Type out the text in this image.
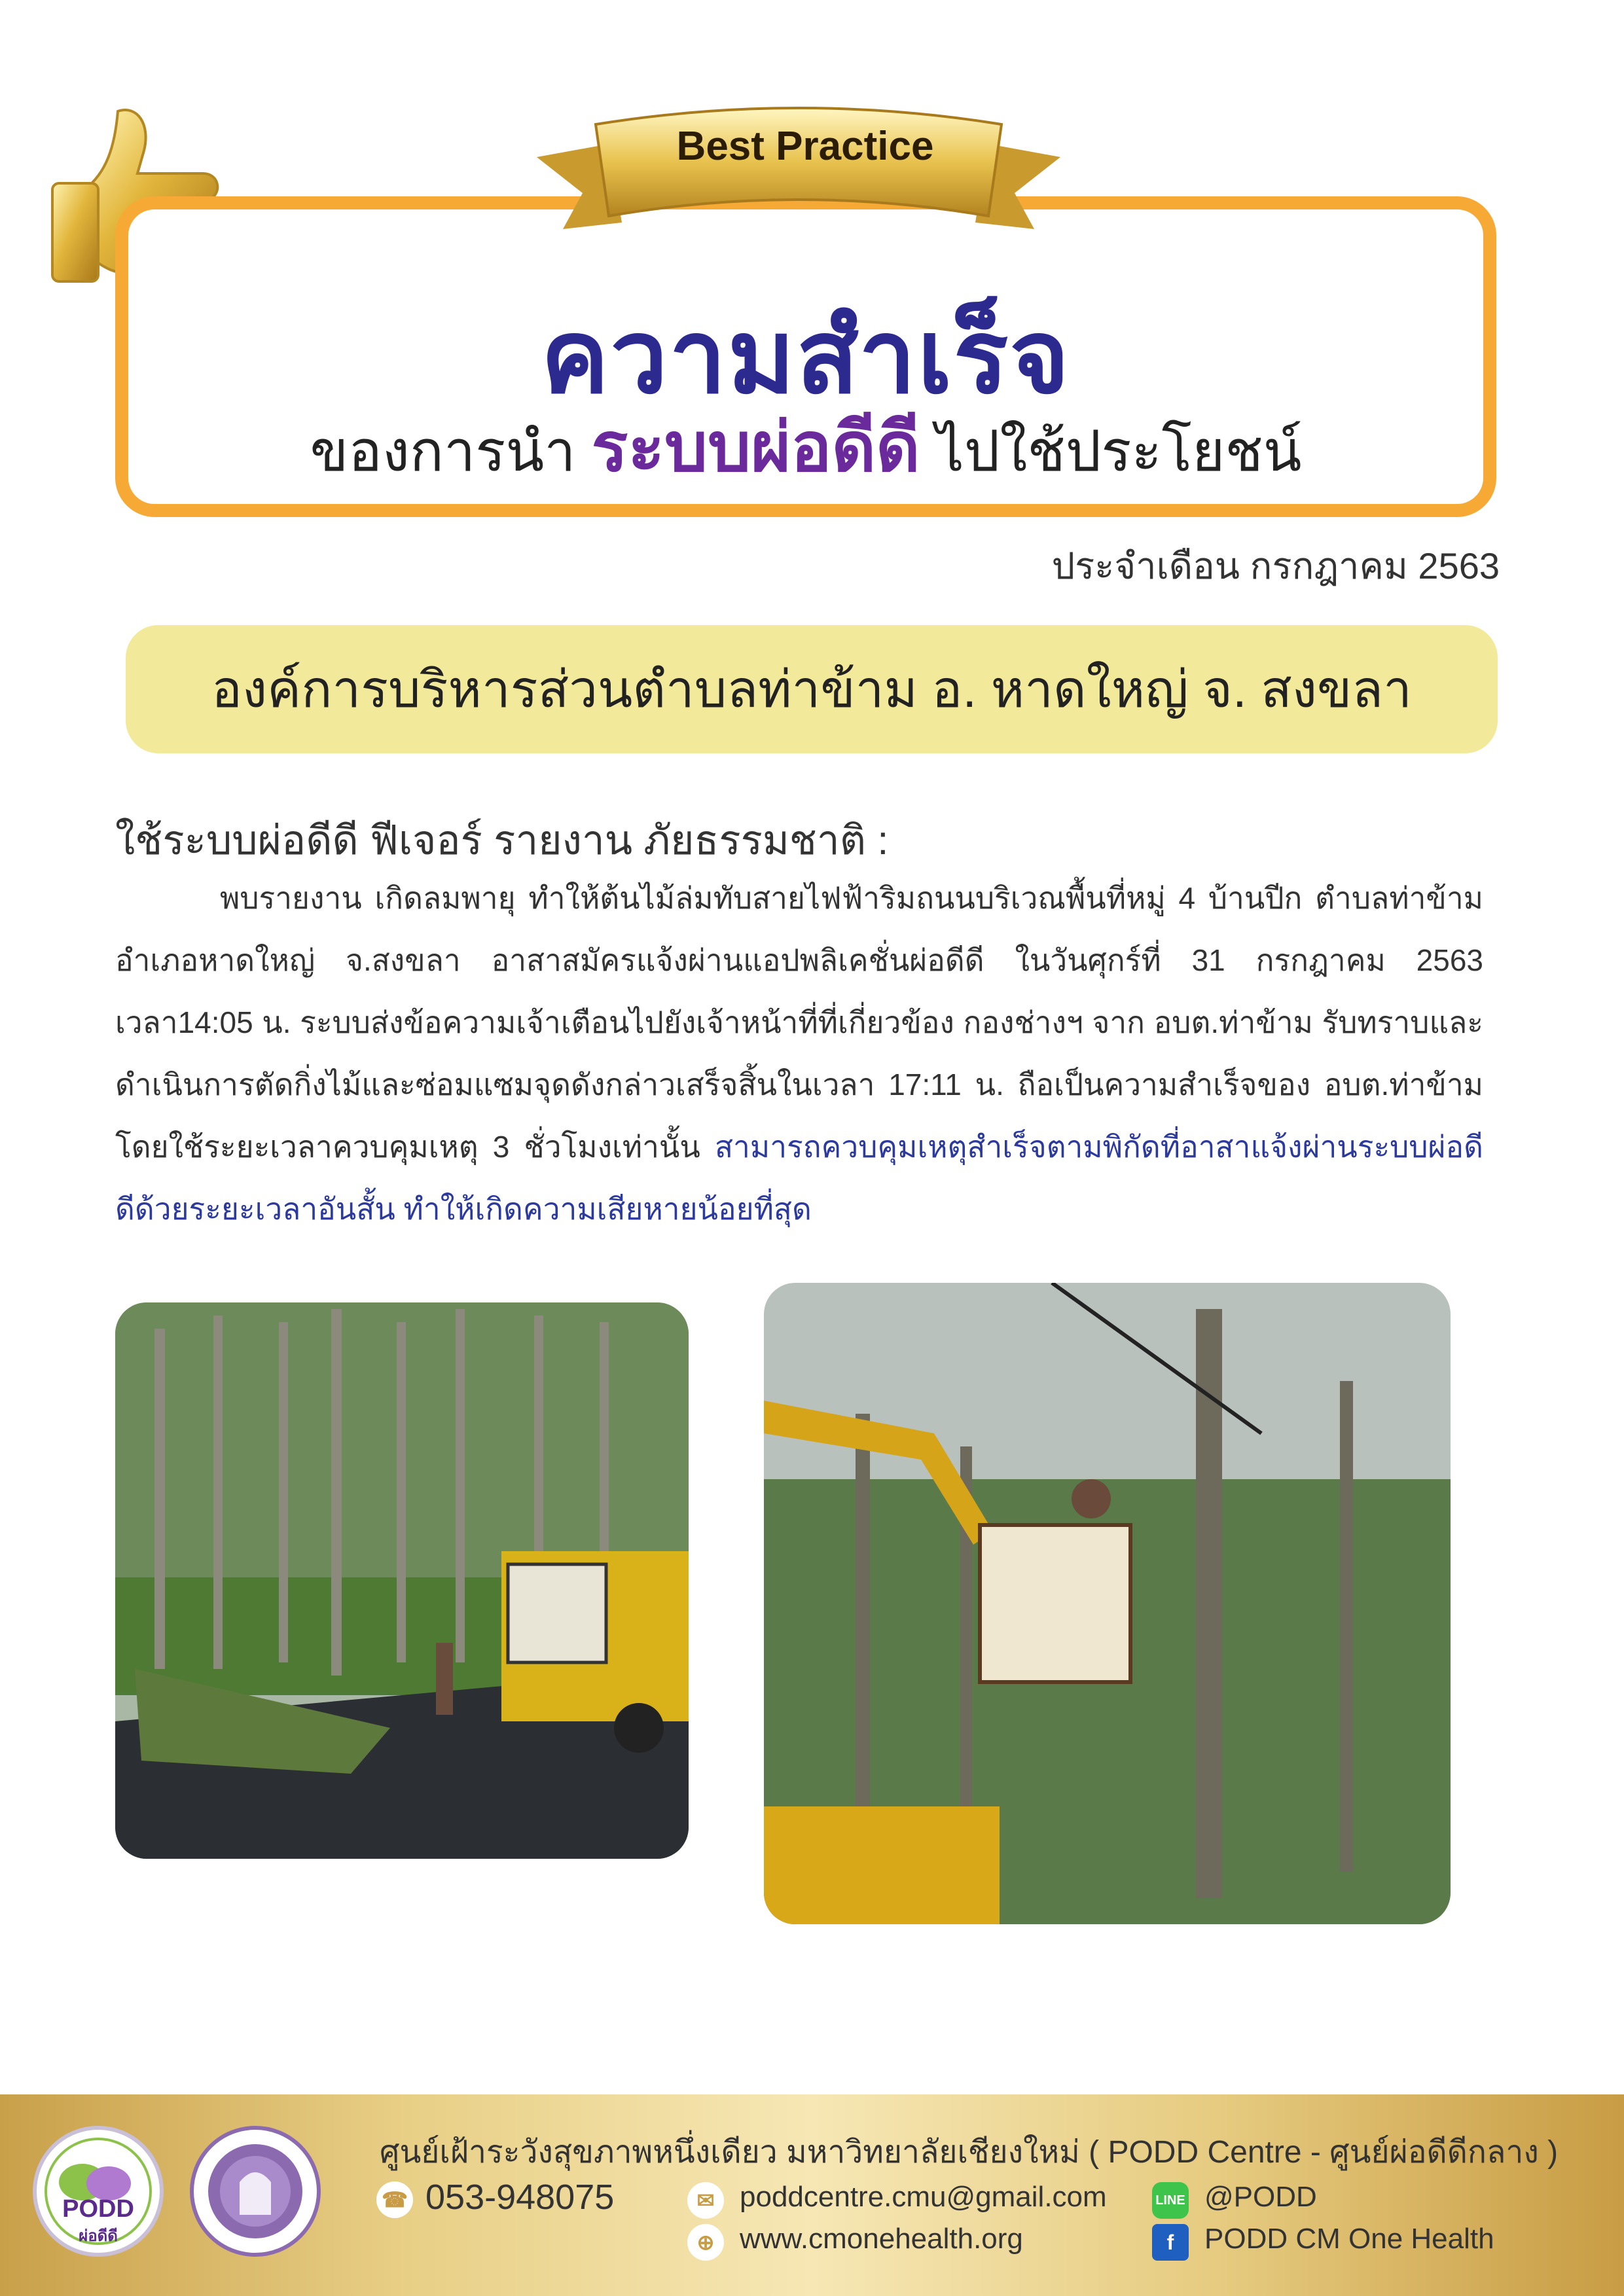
Best Practice
ความสำเร็จ
ของการนำ ระบบผ่อดีดี ไปใช้ประโยชน์
ประจำเดือน กรกฎาคม 2563
องค์การบริหารส่วนตำบลท่าข้าม อ. หาดใหญ่ จ. สงขลา
ใช้ระบบผ่อดีดี ฟีเจอร์ รายงาน ภัยธรรมชาติ :
พบรายงาน เกิดลมพายุ ทำให้ต้นไม้ล่มทับสายไฟฟ้าริมถนนบริเวณพื้นที่หมู่ 4 บ้านปีก ตำบลท่าข้าม อำเภอหาดใหญ่ จ.สงขลา อาสาสมัครแจ้งผ่านแอปพลิเคชั่นผ่อดีดี ในวันศุกร์ที่ 31 กรกฎาคม 2563 เวลา14:05 น. ระบบส่งข้อความเจ้าเตือนไปยังเจ้าหน้าที่ที่เกี่ยวข้อง กองช่างฯ จาก อบต.ท่าข้าม รับทราบและดำเนินการตัดกิ่งไม้และซ่อมแซมจุดดังกล่าวเสร็จสิ้นในเวลา 17:11 น. ถือเป็นความสำเร็จของ อบต.ท่าข้าม โดยใช้ระยะเวลาควบคุมเหตุ 3 ชั่วโมงเท่านั้น สามารถควบคุมเหตุสำเร็จตามพิกัดที่อาสาแจ้งผ่านระบบผ่อดีดีด้วยระยะเวลาอันสั้น ทำให้เกิดความเสียหายน้อยที่สุด
PODD
ผ่อดีดี
ศูนย์เฝ้าระวังสุขภาพหนึ่งเดียว มหาวิทยาลัยเชียงใหม่ ( PODD Centre - ศูนย์ผ่อดีดีกลาง )
☎ 053-948075	✉ poddcentre.cmu@gmail.com
⊕ www.cmonehealth.org
LINE @PODD
f	PODD CM One Health
